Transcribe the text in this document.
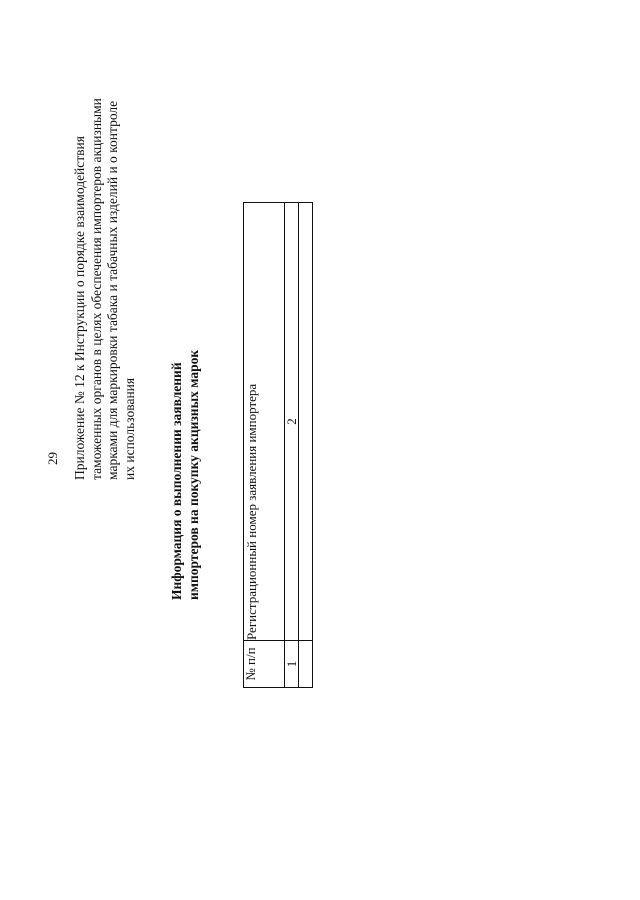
29 Приложение № 12 к Инструкции о порядке взаимодействия таможенных органов в целях обеспечения импортеров акцизными марками для маркировки табака и табачных изделий и о контроле их использования Информация о выполнении заявлений импортеров на покупку акцизных марок
№ п/п	Регистрационный номер заявления импортера
1	2
